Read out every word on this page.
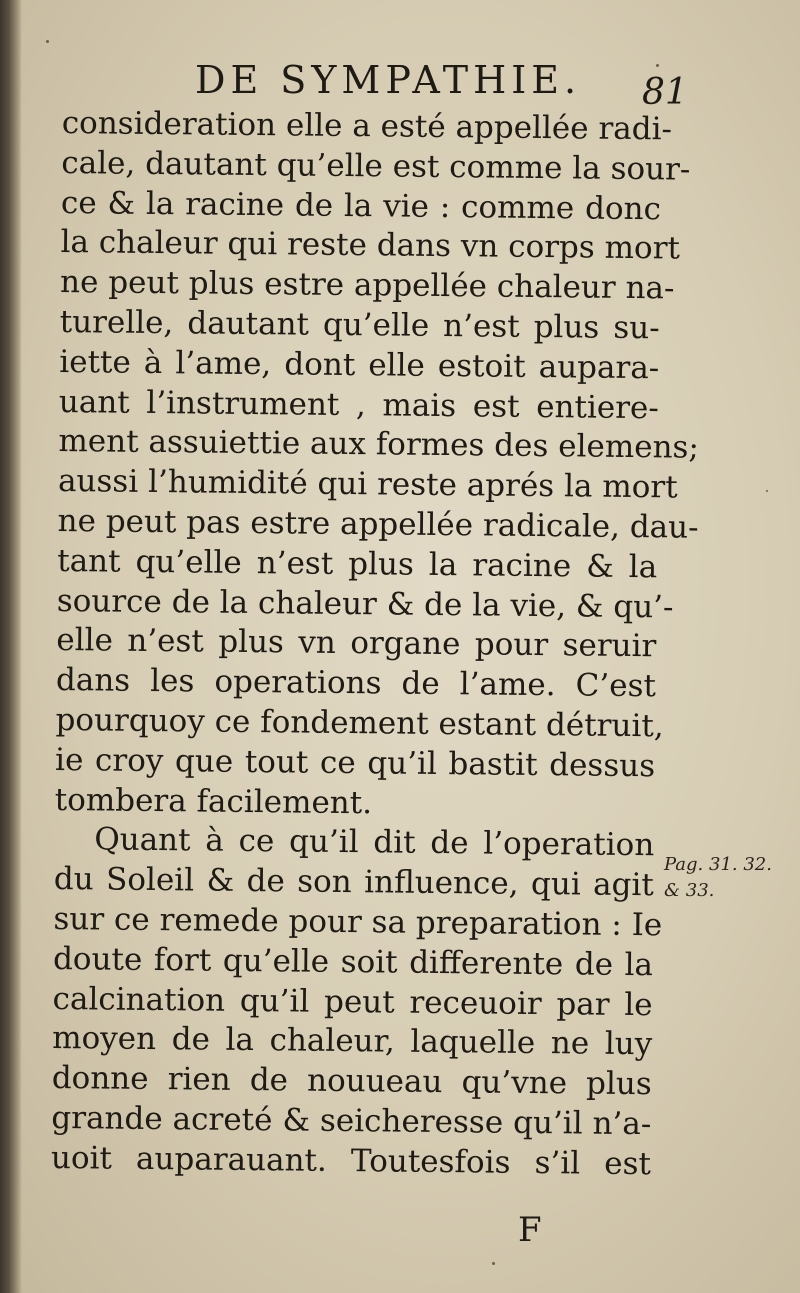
DE SYMPATHIE. 81
consideration elle a esté appellée radi-
cale, dautant qu’elle est comme la sour-
ce & la racine de la vie : comme donc
la chaleur qui reste dans vn corps mort
ne peut plus estre appellée chaleur na-
turelle, dautant qu’elle n’est plus su-
iette à l’ame, dont elle estoit aupara-
uant l’instrument , mais est entiere-
ment assuiettie aux formes des elemens;
aussi l’humidité qui reste aprés la mort
ne peut pas estre appellée radicale, dau-
tant qu’elle n’est plus la racine & la
source de la chaleur & de la vie, & qu’-
elle n’est plus vn organe pour seruir
dans les operations de l’ame. C’est
pourquoy ce fondement estant détruit,
ie croy que tout ce qu’il bastit dessus
tombera facilement.
Quant à ce qu’il dit de l’operation
du Soleil & de son influence, qui agit
sur ce remede pour sa preparation : Ie
doute fort qu’elle soit differente de la
calcination qu’il peut receuoir par le
moyen de la chaleur, laquelle ne luy
donne rien de nouueau qu’vne plus
grande acreté & seicheresse qu’il n’a-
uoit auparauant. Toutesfois s’il est
Pag. 31. 32.
& 33.
F
